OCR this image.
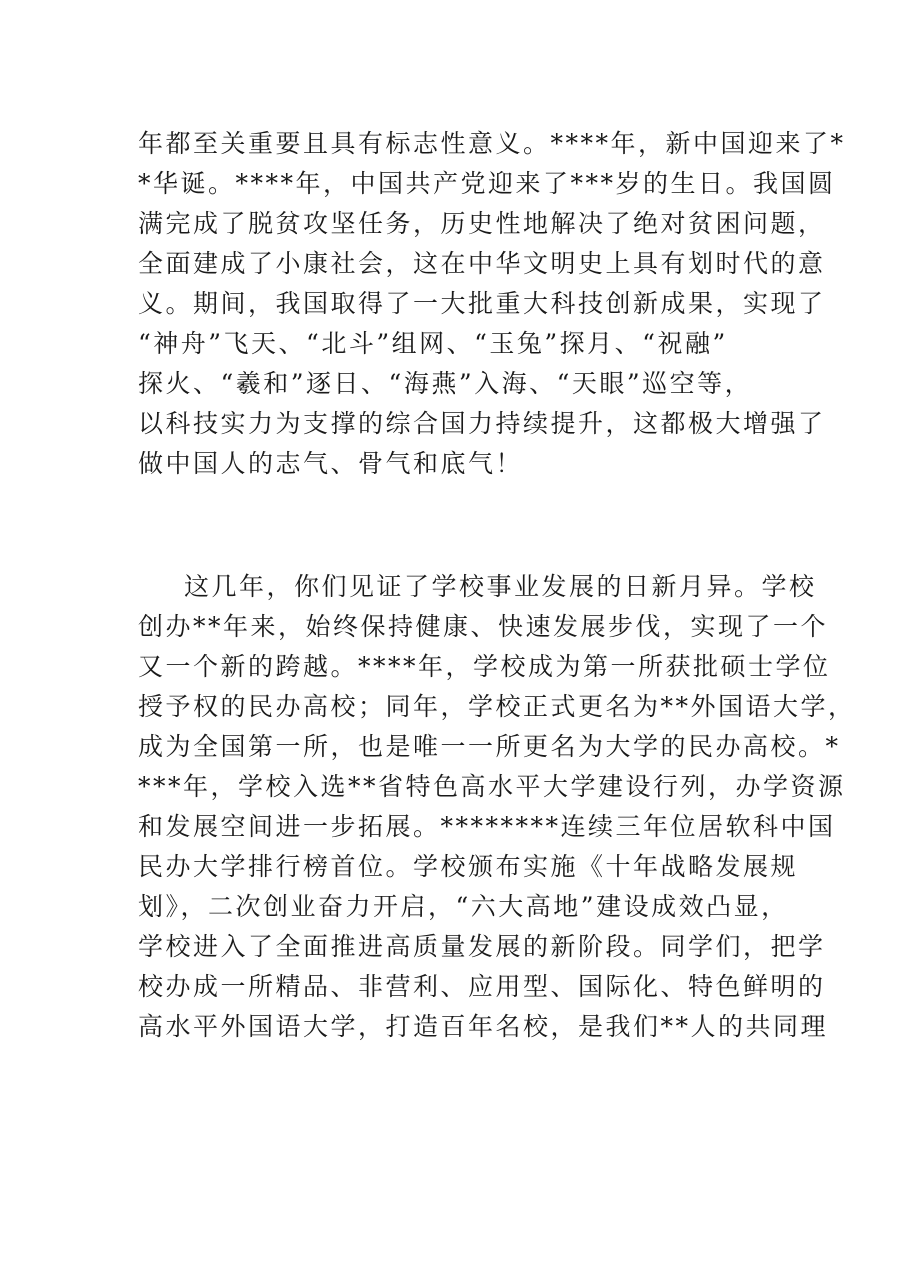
年都至关重要且具有标志性意义。****年，新中国迎来了*
*华诞。****年，中国共产党迎来了***岁的生日。我国圆
满完成了脱贫攻坚任务，历史性地解决了绝对贫困问题，
全面建成了小康社会，这在中华文明史上具有划时代的意
义。期间，我国取得了一大批重大科技创新成果，实现了
“神舟”飞天、“北斗”组网、“玉兔”探月、“祝融”
探火、“羲和”逐日、“海燕”入海、“天眼”巡空等，
以科技实力为支撑的综合国力持续提升，这都极大增强了
做中国人的志气、骨气和底气！
这几年，你们见证了学校事业发展的日新月异。学校
创办**年来，始终保持健康、快速发展步伐，实现了一个
又一个新的跨越。****年，学校成为第一所获批硕士学位
授予权的民办高校；同年，学校正式更名为**外国语大学，
成为全国第一所，也是唯一一所更名为大学的民办高校。*
***年，学校入选**省特色高水平大学建设行列，办学资源
和发展空间进一步拓展。********连续三年位居软科中国
民办大学排行榜首位。学校颁布实施《十年战略发展规
划》，二次创业奋力开启，“六大高地”建设成效凸显，
学校进入了全面推进高质量发展的新阶段。同学们，把学
校办成一所精品、非营利、应用型、国际化、特色鲜明的
高水平外国语大学，打造百年名校，是我们**人的共同理
